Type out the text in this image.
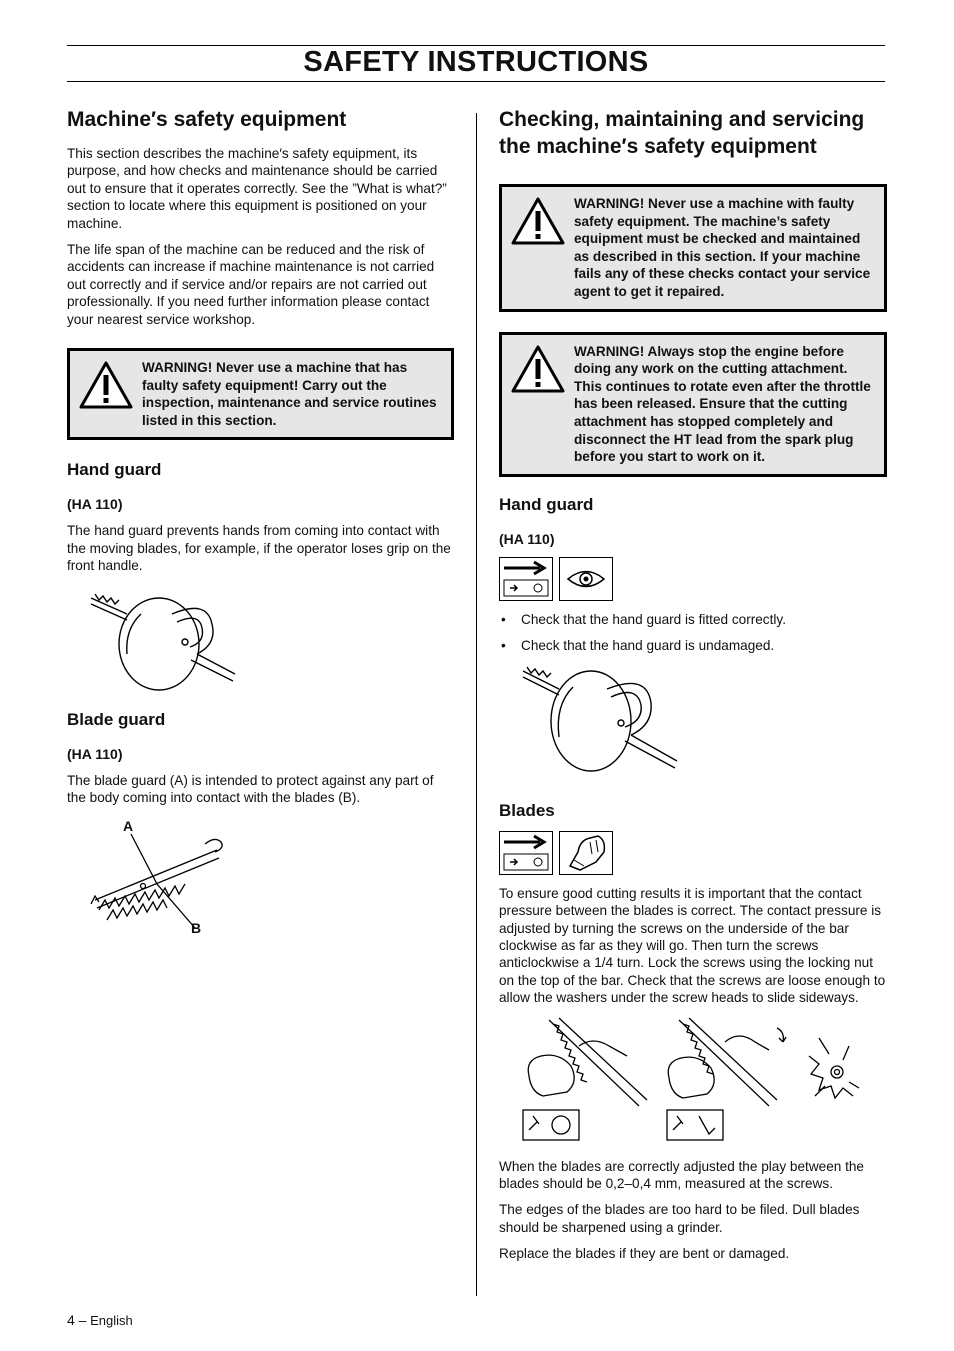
SAFETY INSTRUCTIONS
Machine′s safety equipment

This section describes the machine′s safety equipment, its purpose, and how checks and maintenance should be carried out to ensure that it operates correctly. See the ”What is what?” section to locate where this equipment is positioned on your machine.

The life span of the machine can be reduced and the risk of accidents can increase if machine maintenance is not carried out correctly and if service and/or repairs are not carried out professionally. If you need further information please contact your nearest service workshop.

WARNING! Never use a machine that has faulty safety equipment! Carry out the inspection, maintenance and service routines listed in this section.
Hand guard
(HA 110)

The hand guard prevents hands from coming into contact with the moving blades, for example, if the operator loses grip on the front handle.

Blade guard
(HA 110)

The blade guard (A) is intended to protect against any part of the body coming into contact with the blades (B).

A
B
Checking, maintaining and servicing the machine′s safety equipment
WARNING! Never use a machine with faulty safety equipment. The machine’s safety equipment must be checked and maintained as described in this section. If your machine fails any of these checks contact your service agent to get it repaired.
WARNING! Always stop the engine before doing any work on the cutting attachment. This continues to rotate even after the throttle has been released. Ensure that the cutting attachment has stopped completely and disconnect the HT lead from the spark plug before you start to work on it.
Hand guard
(HA 110)

• Check that the hand guard is fitted correctly.
• Check that the hand guard is undamaged.
Blades

To ensure good cutting results it is important that the contact pressure between the blades is correct. The contact pressure is adjusted by turning the screws on the underside of the bar clockwise as far as they will go. Then turn the screws anticlockwise a 1/4 turn. Lock the screws using the locking nut on the top of the bar. Check that the screws are loose enough to allow the washers under the screw heads to slide sideways.

When the blades are correctly adjusted the play between the blades should be 0,2–0,4 mm, measured at the screws.

The edges of the blades are too hard to be filed. Dull blades should be sharpened using a grinder.

Replace the blades if they are bent or damaged.

4 – English
